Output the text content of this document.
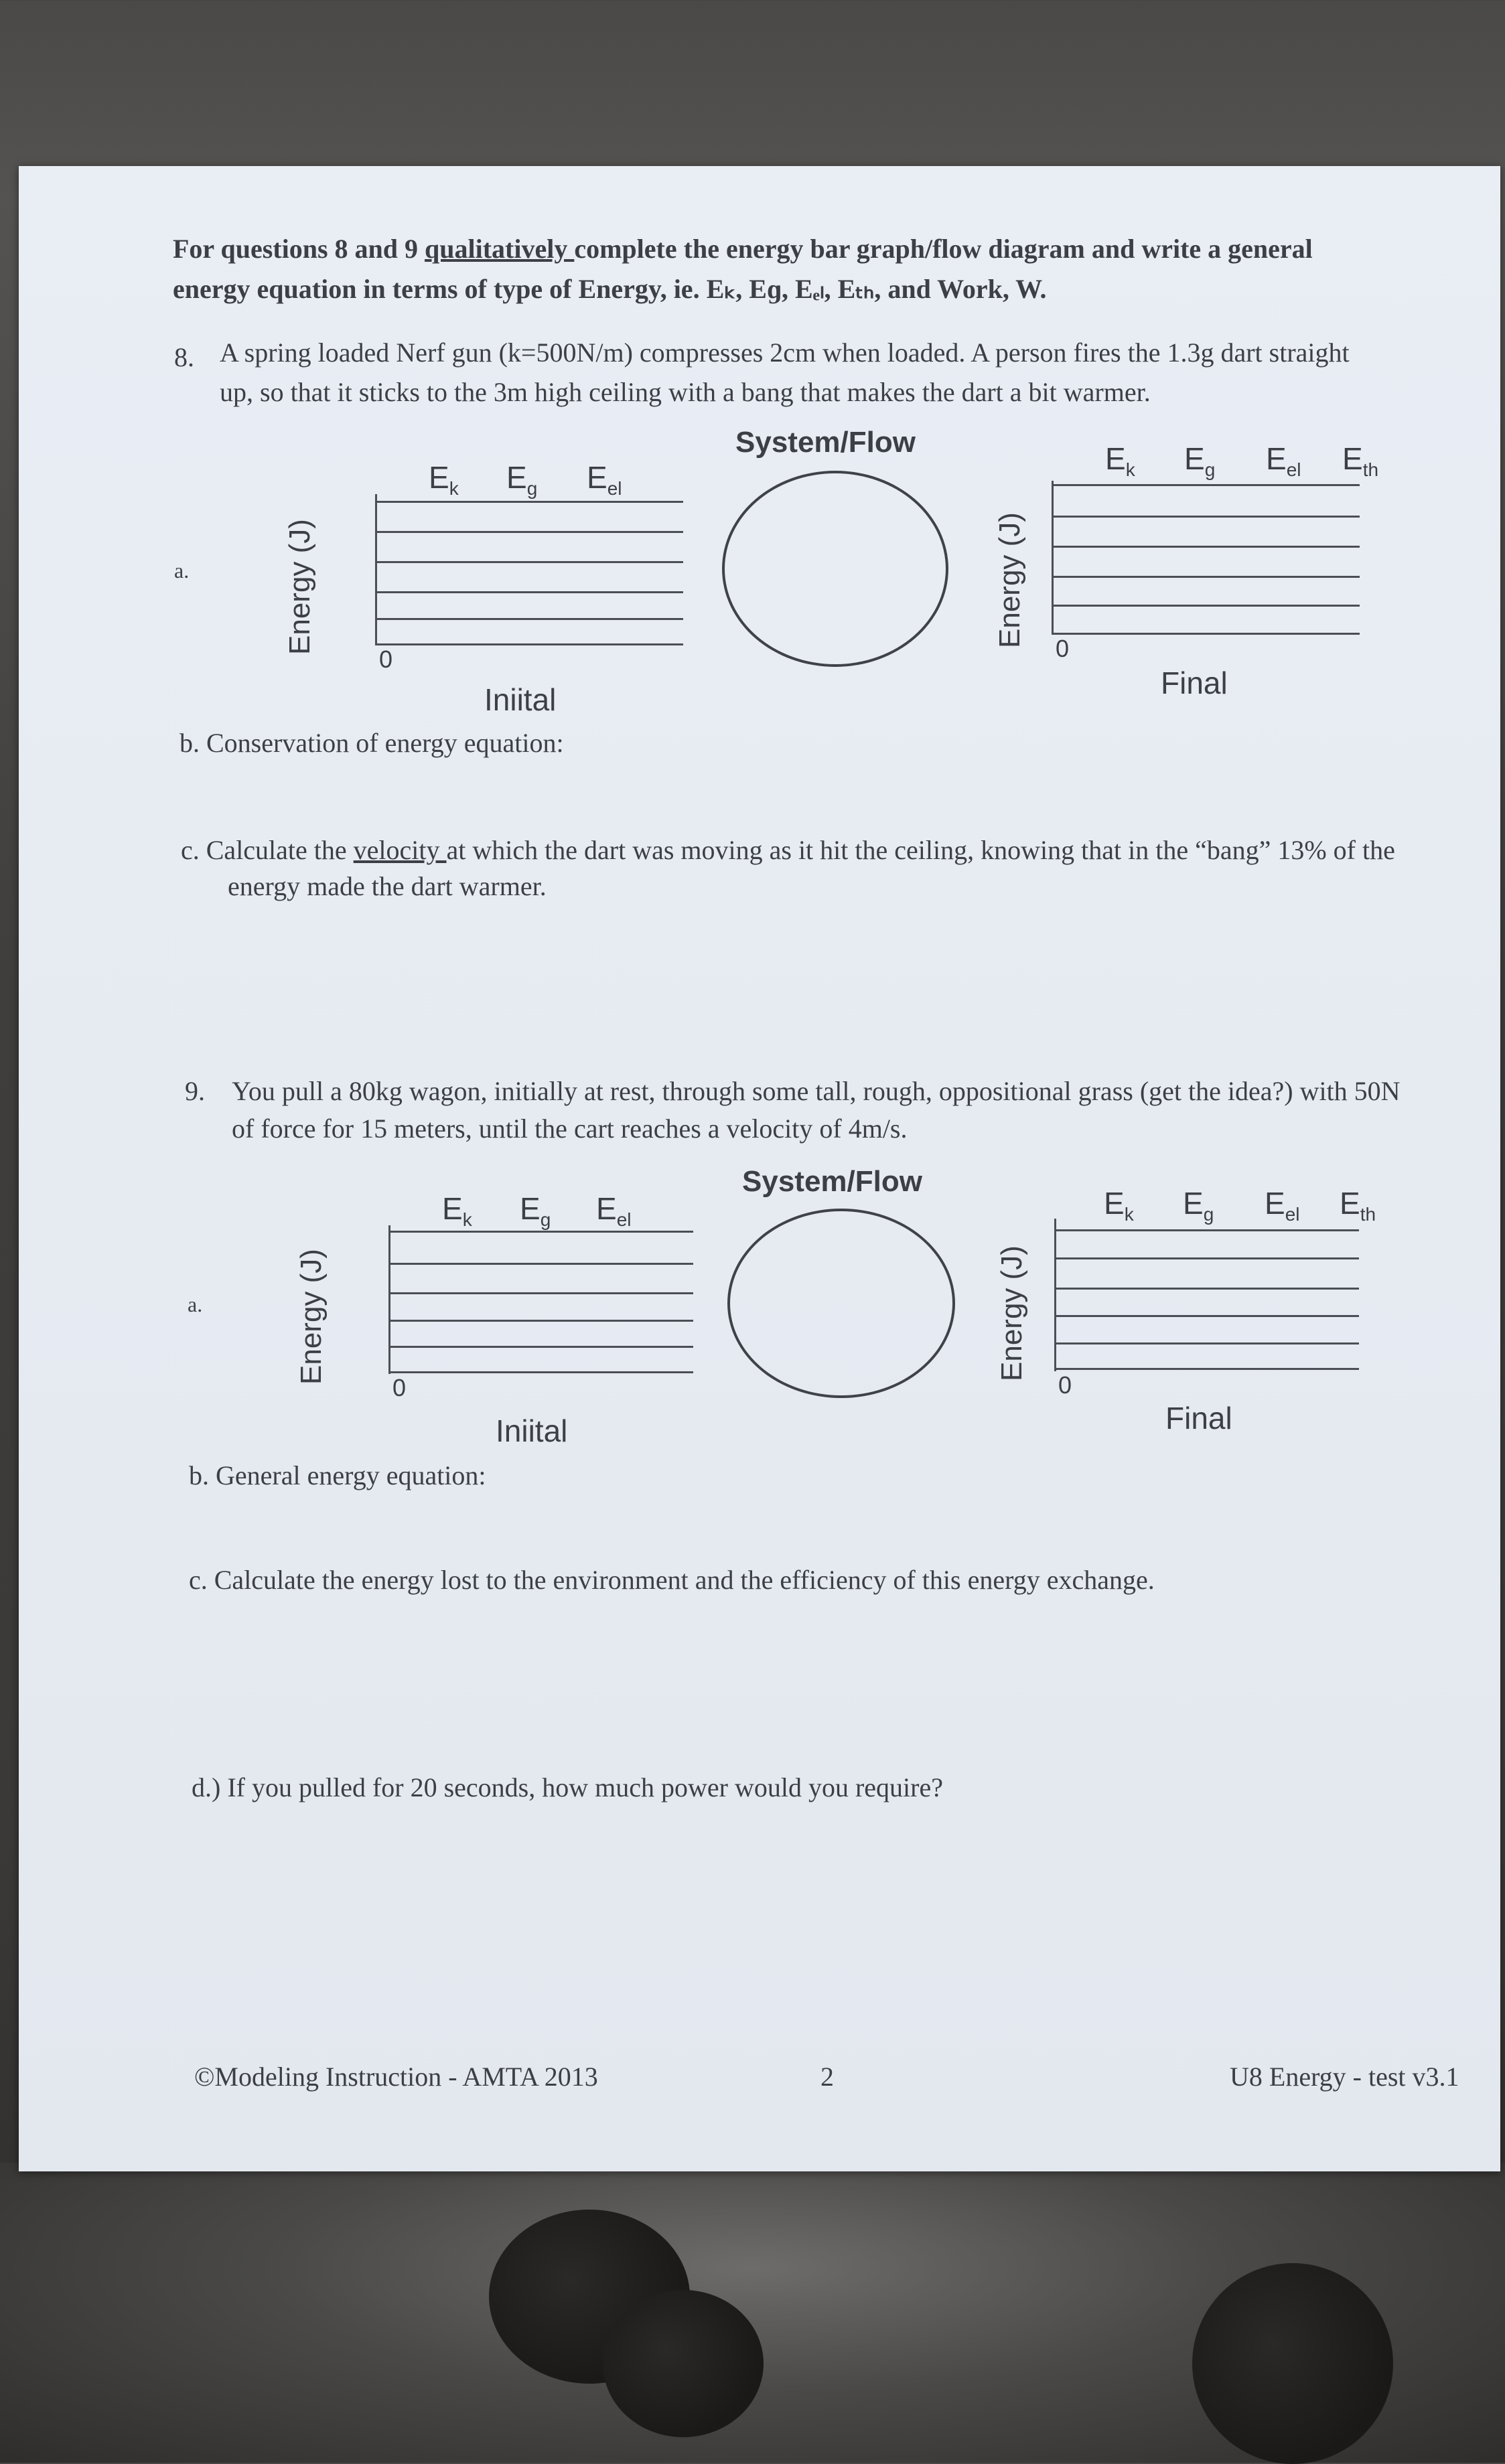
For questions 8 and 9 qualitatively complete the energy bar graph/flow diagram and write a general
energy equation in terms of type of Energy, ie. Eₖ, Eɡ, Eₑₗ, Eₜₕ, and Work, W.
8. A spring loaded Nerf gun (k=500N/m) compresses 2cm when loaded. A person fires the 1.3g dart straight
up, so that it sticks to the 3m high ceiling with a bang that makes the dart a bit warmer.
a.	Energy (J)
0
$E_k$ $E_g$ $E_{el}$
Iniital
System/Flow
Energy (J)
0
$E_k$ $E_g$ $E_{el}$ $E_{th}$
Final
b. Conservation of energy equation:
c. Calculate the velocity at which the dart was moving as it hit the ceiling, knowing that in the “bang” 13% of the
energy made the dart warmer.
9. You pull a 80kg wagon, initially at rest, through some tall, rough, oppositional grass (get the idea?) with 50N
of force for 15 meters, until the cart reaches a velocity of 4m/s.
a.	Energy (J)
0
$E_k$ $E_g$ $E_{el}$
Iniital
System/Flow
Energy (J)
0
$E_k$ $E_g$ $E_{el}$ $E_{th}$
Final
b. General energy equation:
c. Calculate the energy lost to the environment and the efficiency of this energy exchange.
d.) If you pulled for 20 seconds, how much power would you require?
©Modeling Instruction - AMTA 2013	2	U8 Energy - test v3.1
